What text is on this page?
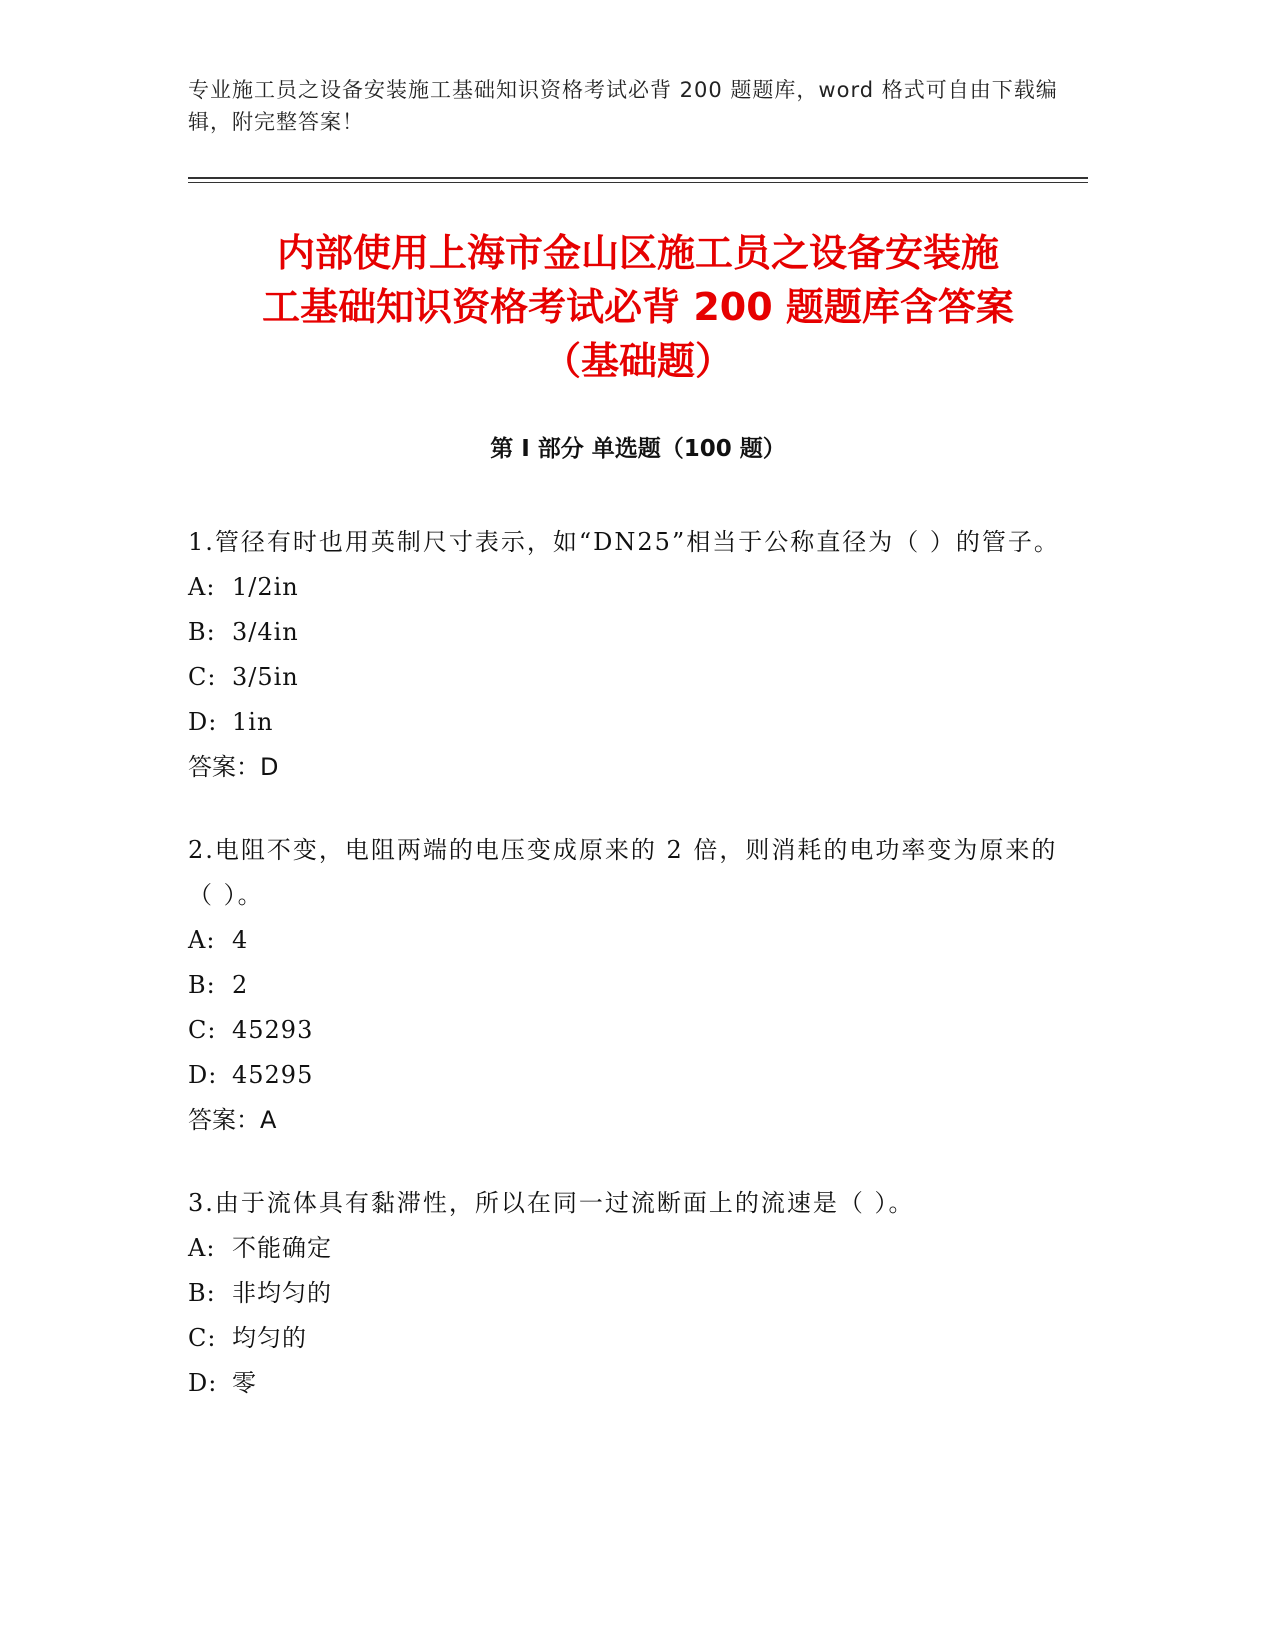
专业施工员之设备安装施工基础知识资格考试必背 200 题题库，word 格式可自由下载编辑，附完整答案！
内部使用上海市金山区施工员之设备安装施
工基础知识资格考试必背 200 题题库含答案
（基础题）
第 I 部分 单选题（100 题）
1.管径有时也用英制尺寸表示，如“DN25”相当于公称直径为（ ）的管子。
A: 1/2in
B: 3/4in
C: 3/5in
D: 1in
答案：D
2.电阻不变，电阻两端的电压变成原来的 2 倍，则消耗的电功率变为原来的（ ）。
A: 4
B: 2
C: 45293
D: 45295
答案：A
3.由于流体具有黏滞性，所以在同一过流断面上的流速是（ ）。
A: 不能确定
B: 非均匀的
C: 均匀的
D: 零
